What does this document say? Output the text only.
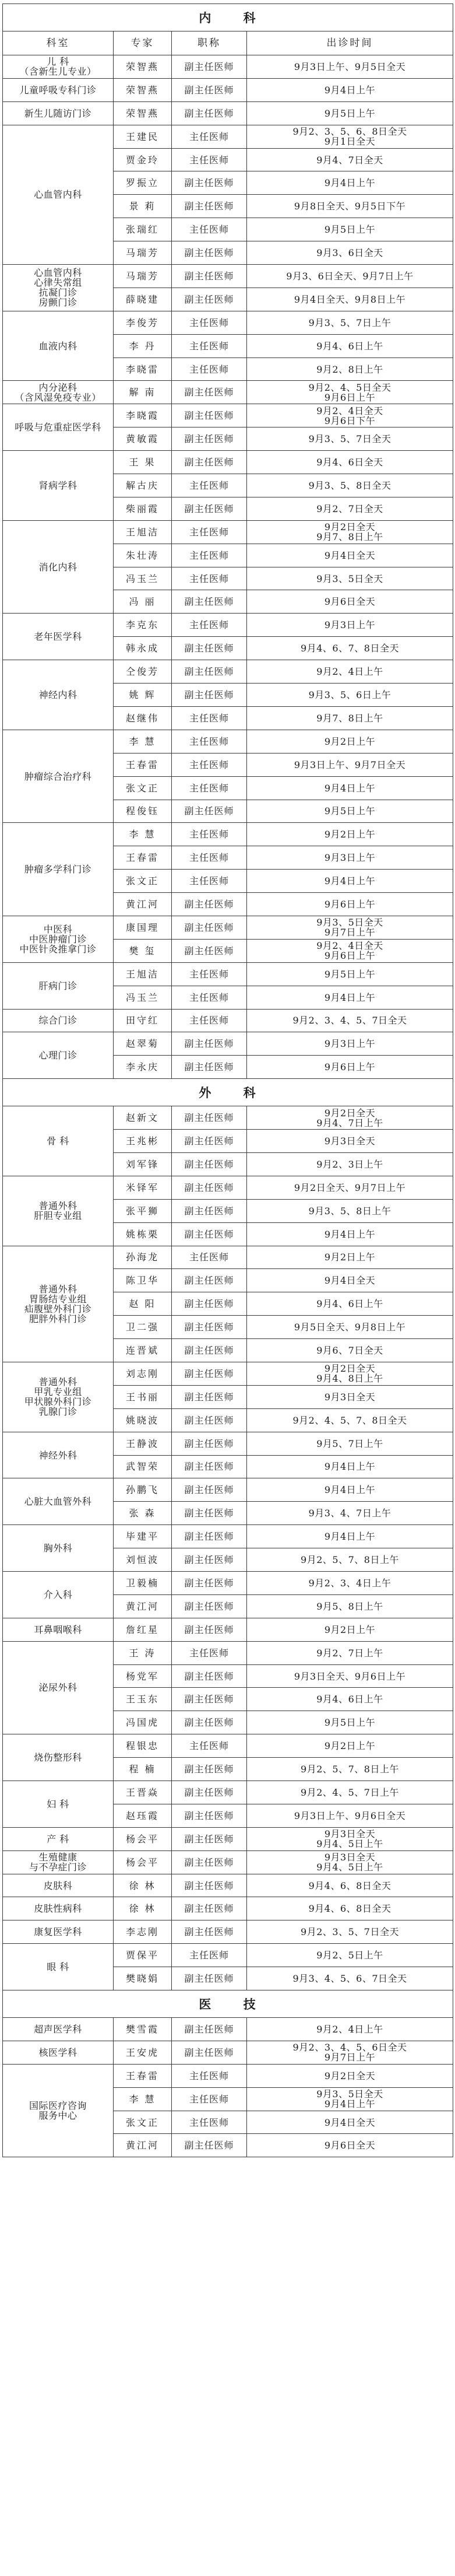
内 科			
科室	专家	职称	出诊时间

儿 科
（含新生儿专业）	荣智燕	副主任医师	9月3日上午、9月5日全天

儿童呼吸专科门诊	荣智燕	副主任医师	9月4日上午

新生儿随访门诊	荣智燕	副主任医师	9月5日上午

心血管内科	王建民	主任医师	9月2、3、5、6、8日全天
9月1日全天

	贾金玲	主任医师	9月4、7日全天

	罗振立	副主任医师	9月4日上午

	景 莉	副主任医师	9月8日全天、9月5日下午

	张瑞红	主任医师	9月5日上午

	马瑞芳	副主任医师	9月3、6日全天

心血管内科
心律失常组
抗凝门诊
房颤门诊	马瑞芳	副主任医师	9月3、6日全天、9月7日上午

	薛晓建	副主任医师	9月4日全天、9月8日上午

血液内科	李俊芳	主任医师	9月3、5、7日上午

	李 丹	主任医师	9月4、6日上午

	李晓雷	主任医师	9月2、8日上午

内分泌科
（含风湿免疫专业）	解 南	副主任医师	9月2、4、5日全天
9月6日上午

呼吸与危重症医学科	李晓霞	副主任医师	9月2、4日全天
9月6日下午

	黄敏霞	副主任医师	9月3、5、7日全天

肾病学科	王 果	副主任医师	9月4、6日全天

	解古庆	主任医师	9月3、5、8日全天

	柴丽霞	副主任医师	9月2、7日全天

消化内科	王旭洁	主任医师	9月2日全天
9月7、8日上午

	朱壮涛	主任医师	9月4日全天

	冯玉兰	主任医师	9月3、5日全天

	冯 丽	副主任医师	9月6日全天

老年医学科	李克东	主任医师	9月3日上午

	韩永成	副主任医师	9月4、6、7、8日全天

神经内科	仝俊芳	副主任医师	9月2、4日上午

	姚 辉	副主任医师	9月3、5、6日上午

	赵继伟	主任医师	9月7、8日上午

肿瘤综合治疗科	李 慧	主任医师	9月2日上午

	王春雷	主任医师	9月3日上午、9月7日全天

	张文正	主任医师	9月4日上午

	程俊钰	副主任医师	9月5日上午

肿瘤多学科门诊	李 慧	主任医师	9月2日上午

	王春雷	主任医师	9月3日上午

	张文正	主任医师	9月4日上午

	黄江河	副主任医师	9月6日上午

中医科
中医肿瘤门诊
中医针灸推拿门诊	康国理	副主任医师	9月3、5日全天
9月7日上午

	樊 玺	副主任医师	9月2、4日全天
9月6日上午

肝病门诊	王旭洁	主任医师	9月5日上午

	冯玉兰	主任医师	9月4日上午

综合门诊	田守红	主任医师	9月2、3、4、5、7日全天

心理门诊	赵翠菊	副主任医师	9月3日上午

	李永庆	副主任医师	9月6日上午

外 科			

骨 科	赵新文	副主任医师	9月2日全天
9月4、7日上午

	王兆彬	副主任医师	9月3日全天

	刘军锋	副主任医师	9月2、3日上午

普通外科
肝胆专业组	米铎军	副主任医师	9月2日全天、9月7日上午

	张平狮	副主任医师	9月3、5、8日上午

	姚栋栗	副主任医师	9月4日上午

普通外科
胃肠结专业组
疝腹壁外科门诊
肥胖外科门诊	孙海龙	主任医师	9月2日上午

	陈卫华	副主任医师	9月4日全天

	赵 阳	副主任医师	9月4、6日上午

	卫二强	副主任医师	9月5日全天、9月8日上午

	连晋斌	副主任医师	9月6、7日全天

普通外科
甲乳专业组
甲状腺外科门诊
乳腺门诊	刘志刚	副主任医师	9月2日全天
9月4、8日上午

	王书丽	副主任医师	9月3日全天

	姚晓波	副主任医师	9月2、4、5、7、8日全天

神经外科	王静波	副主任医师	9月5、7日上午

	武智荣	副主任医师	9月4日上午

心脏大血管外科	孙鹏飞	副主任医师	9月4日上午

	张 森	副主任医师	9月3、4、7日上午

胸外科	毕建平	副主任医师	9月4日上午

	刘恒波	副主任医师	9月2、5、7、8日上午

介入科	卫毅楠	副主任医师	9月2、3、4日上午

	黄江河	副主任医师	9月5、8日上午

耳鼻咽喉科	詹红星	副主任医师	9月2日上午

泌尿外科	王 涛	主任医师	9月2、7日上午

	杨党军	副主任医师	9月3日全天、9月6日上午

	王玉东	副主任医师	9月4、6日上午

	冯国虎	副主任医师	9月5日上午

烧伤整形科	程银忠	主任医师	9月2日上午

	程 楠	副主任医师	9月2、5、7、8日上午

妇 科	王晋焱	副主任医师	9月2、4、5、7日上午

	赵珏霞	副主任医师	9月3日上午、9月6日全天

产 科	杨会平	副主任医师	9月3日全天
9月4、5日上午

生殖健康
与不孕症门诊	杨会平	副主任医师	9月3日全天
9月4、5日上午

皮肤科	徐 林	副主任医师	9月4、6、8日全天

皮肤性病科	徐 林	副主任医师	9月4、6、8日全天

康复医学科	李志刚	副主任医师	9月2、3、5、7日全天

眼 科	贾保平	主任医师	9月2、5日上午

	樊晓娟	副主任医师	9月3、4、5、6、7日全天

医 技			

超声医学科	樊雪霞	副主任医师	9月2、4日上午

核医学科	王安虎	副主任医师	9月2、3、4、5、6日全天
9月7日上午

国际医疗咨询
服务中心	王春雷	主任医师	9月2日全天

	李 慧	主任医师	9月3、5日全天
9月4日上午

	张文正	主任医师	9月4日全天

	黄江河	副主任医师	9月6日全天
